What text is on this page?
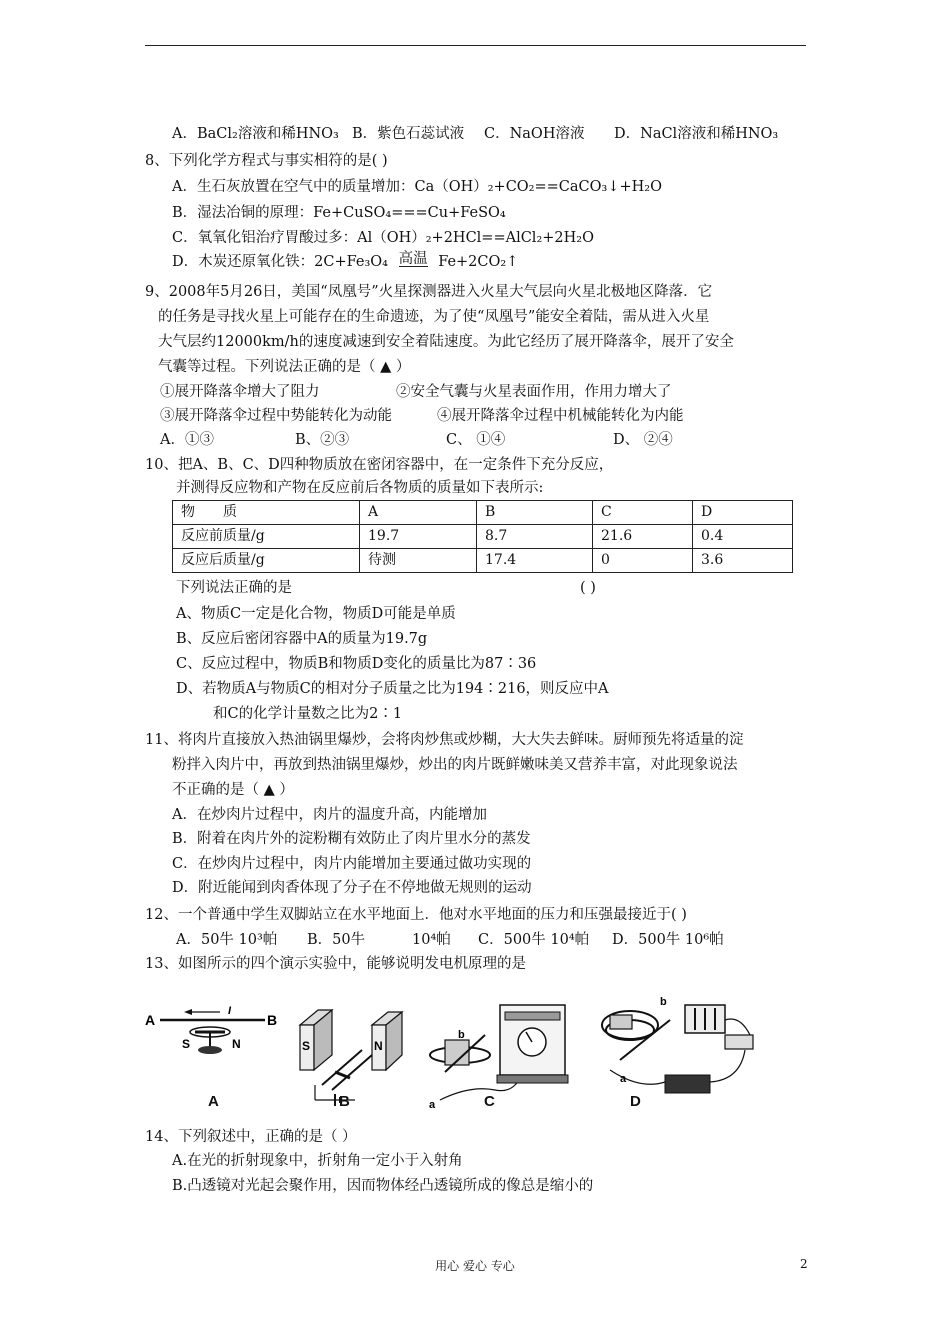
A．BaCl₂溶液和稀HNO₃ B．紫色石蕊试液 C．NaOH溶液 D．NaCl溶液和稀HNO₃
8、下列化学方程式与事实相符的是( )
A．生石灰放置在空气中的质量增加：Ca（OH）₂+CO₂==CaCO₃↓+H₂O
B．湿法冶铜的原理：Fe+CuSO₄===Cu+FeSO₄
C．氧氧化铝治疗胃酸过多：Al（OH）₂+2HCl==AlCl₂+2H₂O
D．木炭还原氧化铁：2C+Fe₃O₄ 高温 Fe+2CO₂↑
9、2008年5月26日，美国“凤凰号”火星探测器进入火星大气层向火星北极地区降落．它
的任务是寻找火星上可能存在的生命遗迹，为了使“凤凰号”能安全着陆，需从进入火星
大气层约12000km/h的速度减速到安全着陆速度。为此它经历了展开降落伞，展开了安全
气囊等过程。下列说法正确的是（ ▲ ）
①展开降落伞增大了阻力	②安全气囊与火星表面作用，作用力增大了
③展开降落伞过程中势能转化为动能	④展开降落伞过程中机械能转化为内能
A．①③	B、②③	C、 ①④	D、 ②④
10、把A、B、C、D四种物质放在密闭容器中，在一定条件下充分反应，
并测得反应物和产物在反应前后各物质的质量如下表所示:
物　　质	A	B	C	D
反应前质量/g	19.7	8.7	21.6	0.4
反应后质量/g	待测	17.4	0	3.6
下列说法正确的是	( )
A、物质C一定是化合物，物质D可能是单质
B、反应后密闭容器中A的质量为19.7g
C、反应过程中，物质B和物质D变化的质量比为87∶36
D、若物质A与物质C的相对分子质量之比为194∶216，则反应中A
和C的化学计量数之比为2∶1
11、将肉片直接放入热油锅里爆炒，会将肉炒焦或炒糊，大大失去鲜味。厨师预先将适量的淀
粉拌入肉片中，再放到热油锅里爆炒，炒出的肉片既鲜嫩味美又营养丰富，对此现象说法
不正确的是（ ▲ ）
A．在炒肉片过程中，肉片的温度升高，内能增加
B．附着在肉片外的淀粉糊有效防止了肉片里水分的蒸发
C．在炒肉片过程中，肉片内能增加主要通过做功实现的
D．附近能闻到肉香体现了分子在不停地做无规则的运动
12、一个普通中学生双脚站立在水平地面上．他对水平地面的压力和压强最接近于( )
A．50牛 10³帕 B．50牛	10⁴帕 C．500牛 10⁴帕 D．500牛 10⁶帕
13、如图所示的四个演示实验中，能够说明发电机原理的是
A	B
I
S	N	S	N
b
a
b
a
A	B	C	D
14、下列叙述中，正确的是（ ）
A.在光的折射现象中，折射角一定小于入射角
B.凸透镜对光起会聚作用，因而物体经凸透镜所成的像总是缩小的
用心 爱心 专心	2
